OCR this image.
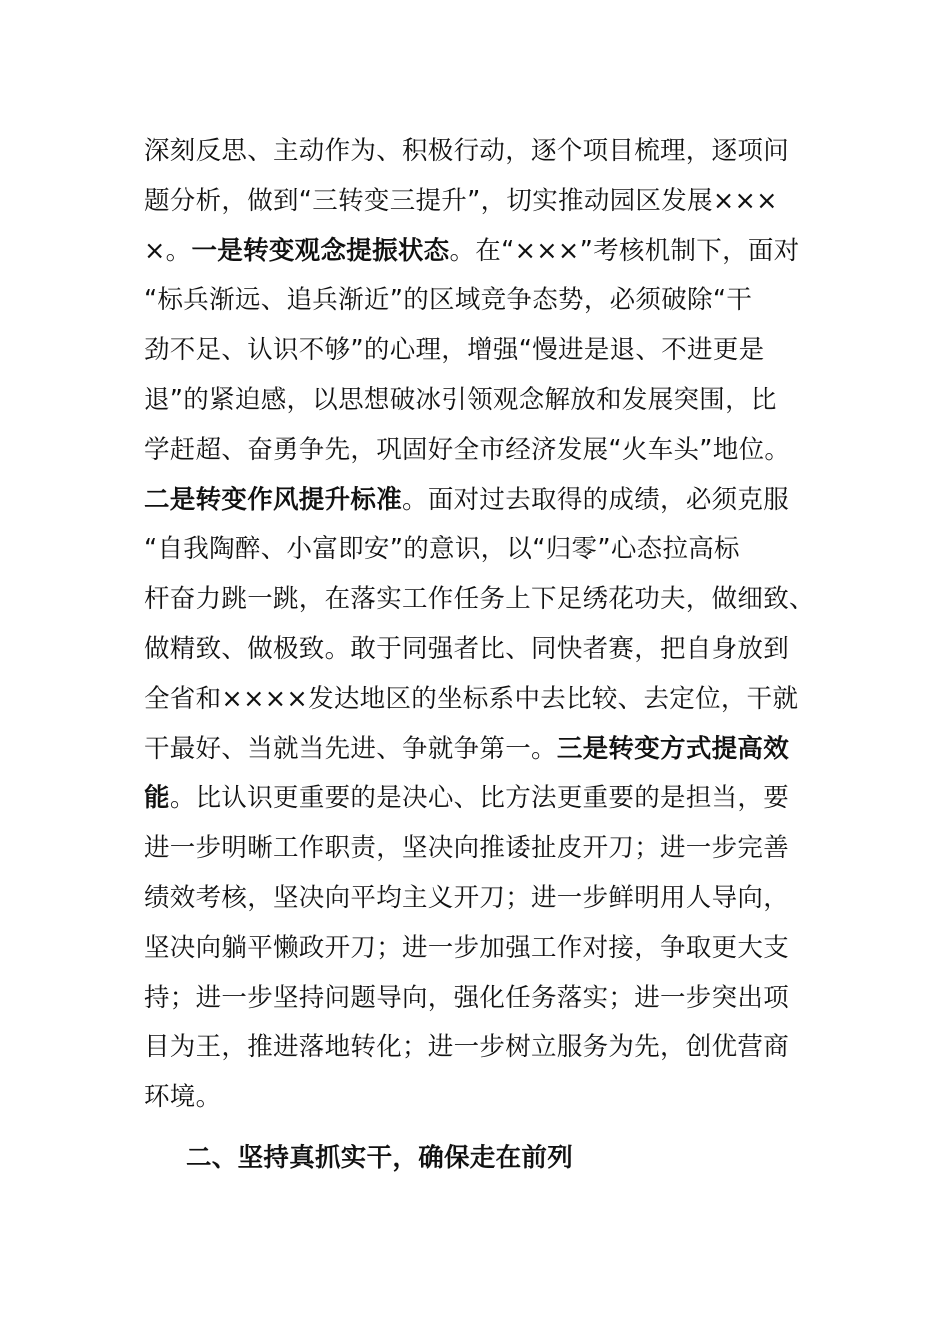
深刻反思、主动作为、积极行动，逐个项目梳理，逐项问
题分析，做到“三转变三提升”，切实推动园区发展×××
×。一是转变观念提振状态。在“×××”考核机制下，面对
“标兵渐远、追兵渐近”的区域竞争态势，必须破除“干
劲不足、认识不够”的心理，增强“慢进是退、不进更是
退”的紧迫感，以思想破冰引领观念解放和发展突围，比
学赶超、奋勇争先，巩固好全市经济发展“火车头”地位。
二是转变作风提升标准。面对过去取得的成绩，必须克服
“自我陶醉、小富即安”的意识，以“归零”心态拉高标
杆奋力跳一跳，在落实工作任务上下足绣花功夫，做细致、
做精致、做极致。敢于同强者比、同快者赛，把自身放到
全省和××××发达地区的坐标系中去比较、去定位，干就
干最好、当就当先进、争就争第一。三是转变方式提高效
能。比认识更重要的是决心、比方法更重要的是担当，要
进一步明晰工作职责，坚决向推诿扯皮开刀；进一步完善
绩效考核，坚决向平均主义开刀；进一步鲜明用人导向，
坚决向躺平懒政开刀；进一步加强工作对接，争取更大支
持；进一步坚持问题导向，强化任务落实；进一步突出项
目为王，推进落地转化；进一步树立服务为先，创优营商
环境。
二、坚持真抓实干，确保走在前列
